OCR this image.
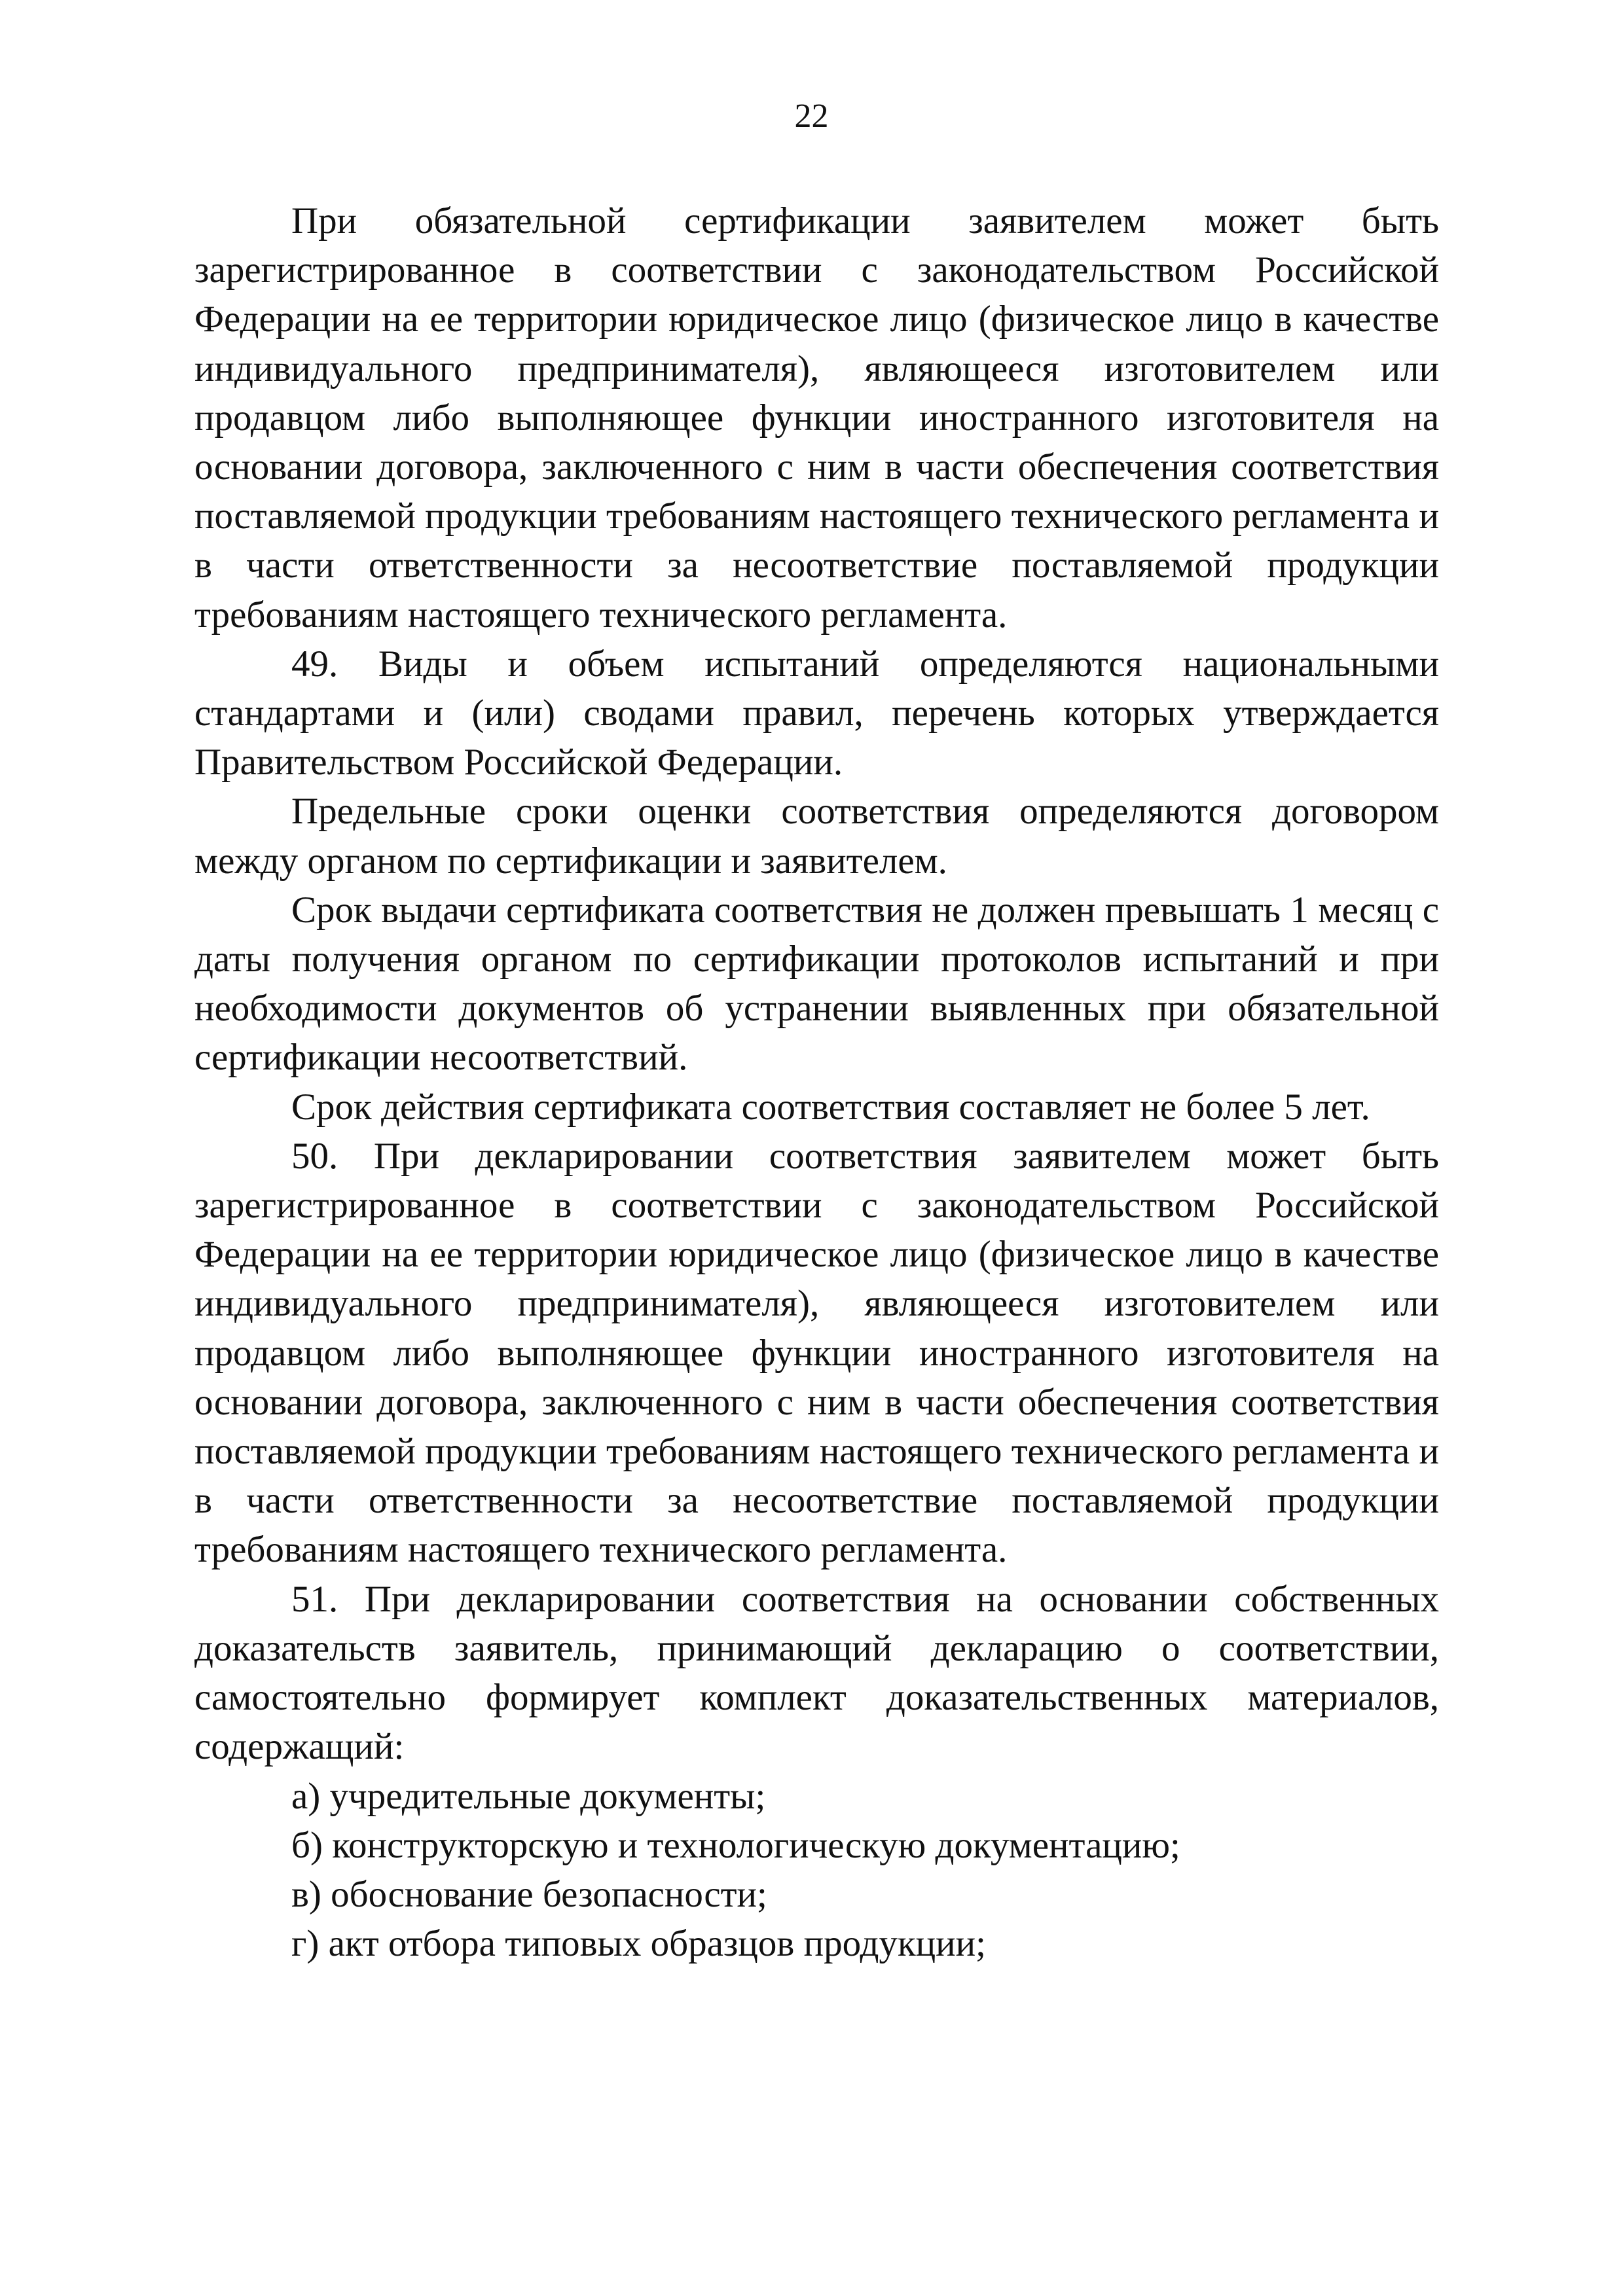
22

При обязательной сертификации заявителем может быть зарегистрированное в соответствии с законодательством Российской Федерации на ее территории юридическое лицо (физическое лицо в качестве индивидуального предпринимателя), являющееся изготовителем или продавцом либо выполняющее функции иностранного изготовителя на основании договора, заключенного с ним в части обеспечения соответствия поставляемой продукции требованиям настоящего технического регламента и в части ответственности за несоответствие поставляемой продукции требованиям настоящего технического регламента.

49. Виды и объем испытаний определяются национальными стандартами и (или) сводами правил, перечень которых утверждается Правительством Российской Федерации.

Предельные сроки оценки соответствия определяются договором между органом по сертификации и заявителем.

Срок выдачи сертификата соответствия не должен превышать 1 месяц с даты получения органом по сертификации протоколов испытаний и при необходимости документов об устранении выявленных при обязательной сертификации несоответствий.

Срок действия сертификата соответствия составляет не более 5 лет.

50. При декларировании соответствия заявителем может быть зарегистрированное в соответствии с законодательством Российской Федерации на ее территории юридическое лицо (физическое лицо в качестве индивидуального предпринимателя), являющееся изготовителем или продавцом либо выполняющее функции иностранного изготовителя на основании договора, заключенного с ним в части обеспечения соответствия поставляемой продукции требованиям настоящего технического регламента и в части ответственности за несоответствие поставляемой продукции требованиям настоящего технического регламента.

51. При декларировании соответствия на основании собственных доказательств заявитель, принимающий декларацию о соответствии, самостоятельно формирует комплект доказательственных материалов, содержащий:

а) учредительные документы;

б) конструкторскую и технологическую документацию;

в) обоснование безопасности;

г) акт отбора типовых образцов продукции;
